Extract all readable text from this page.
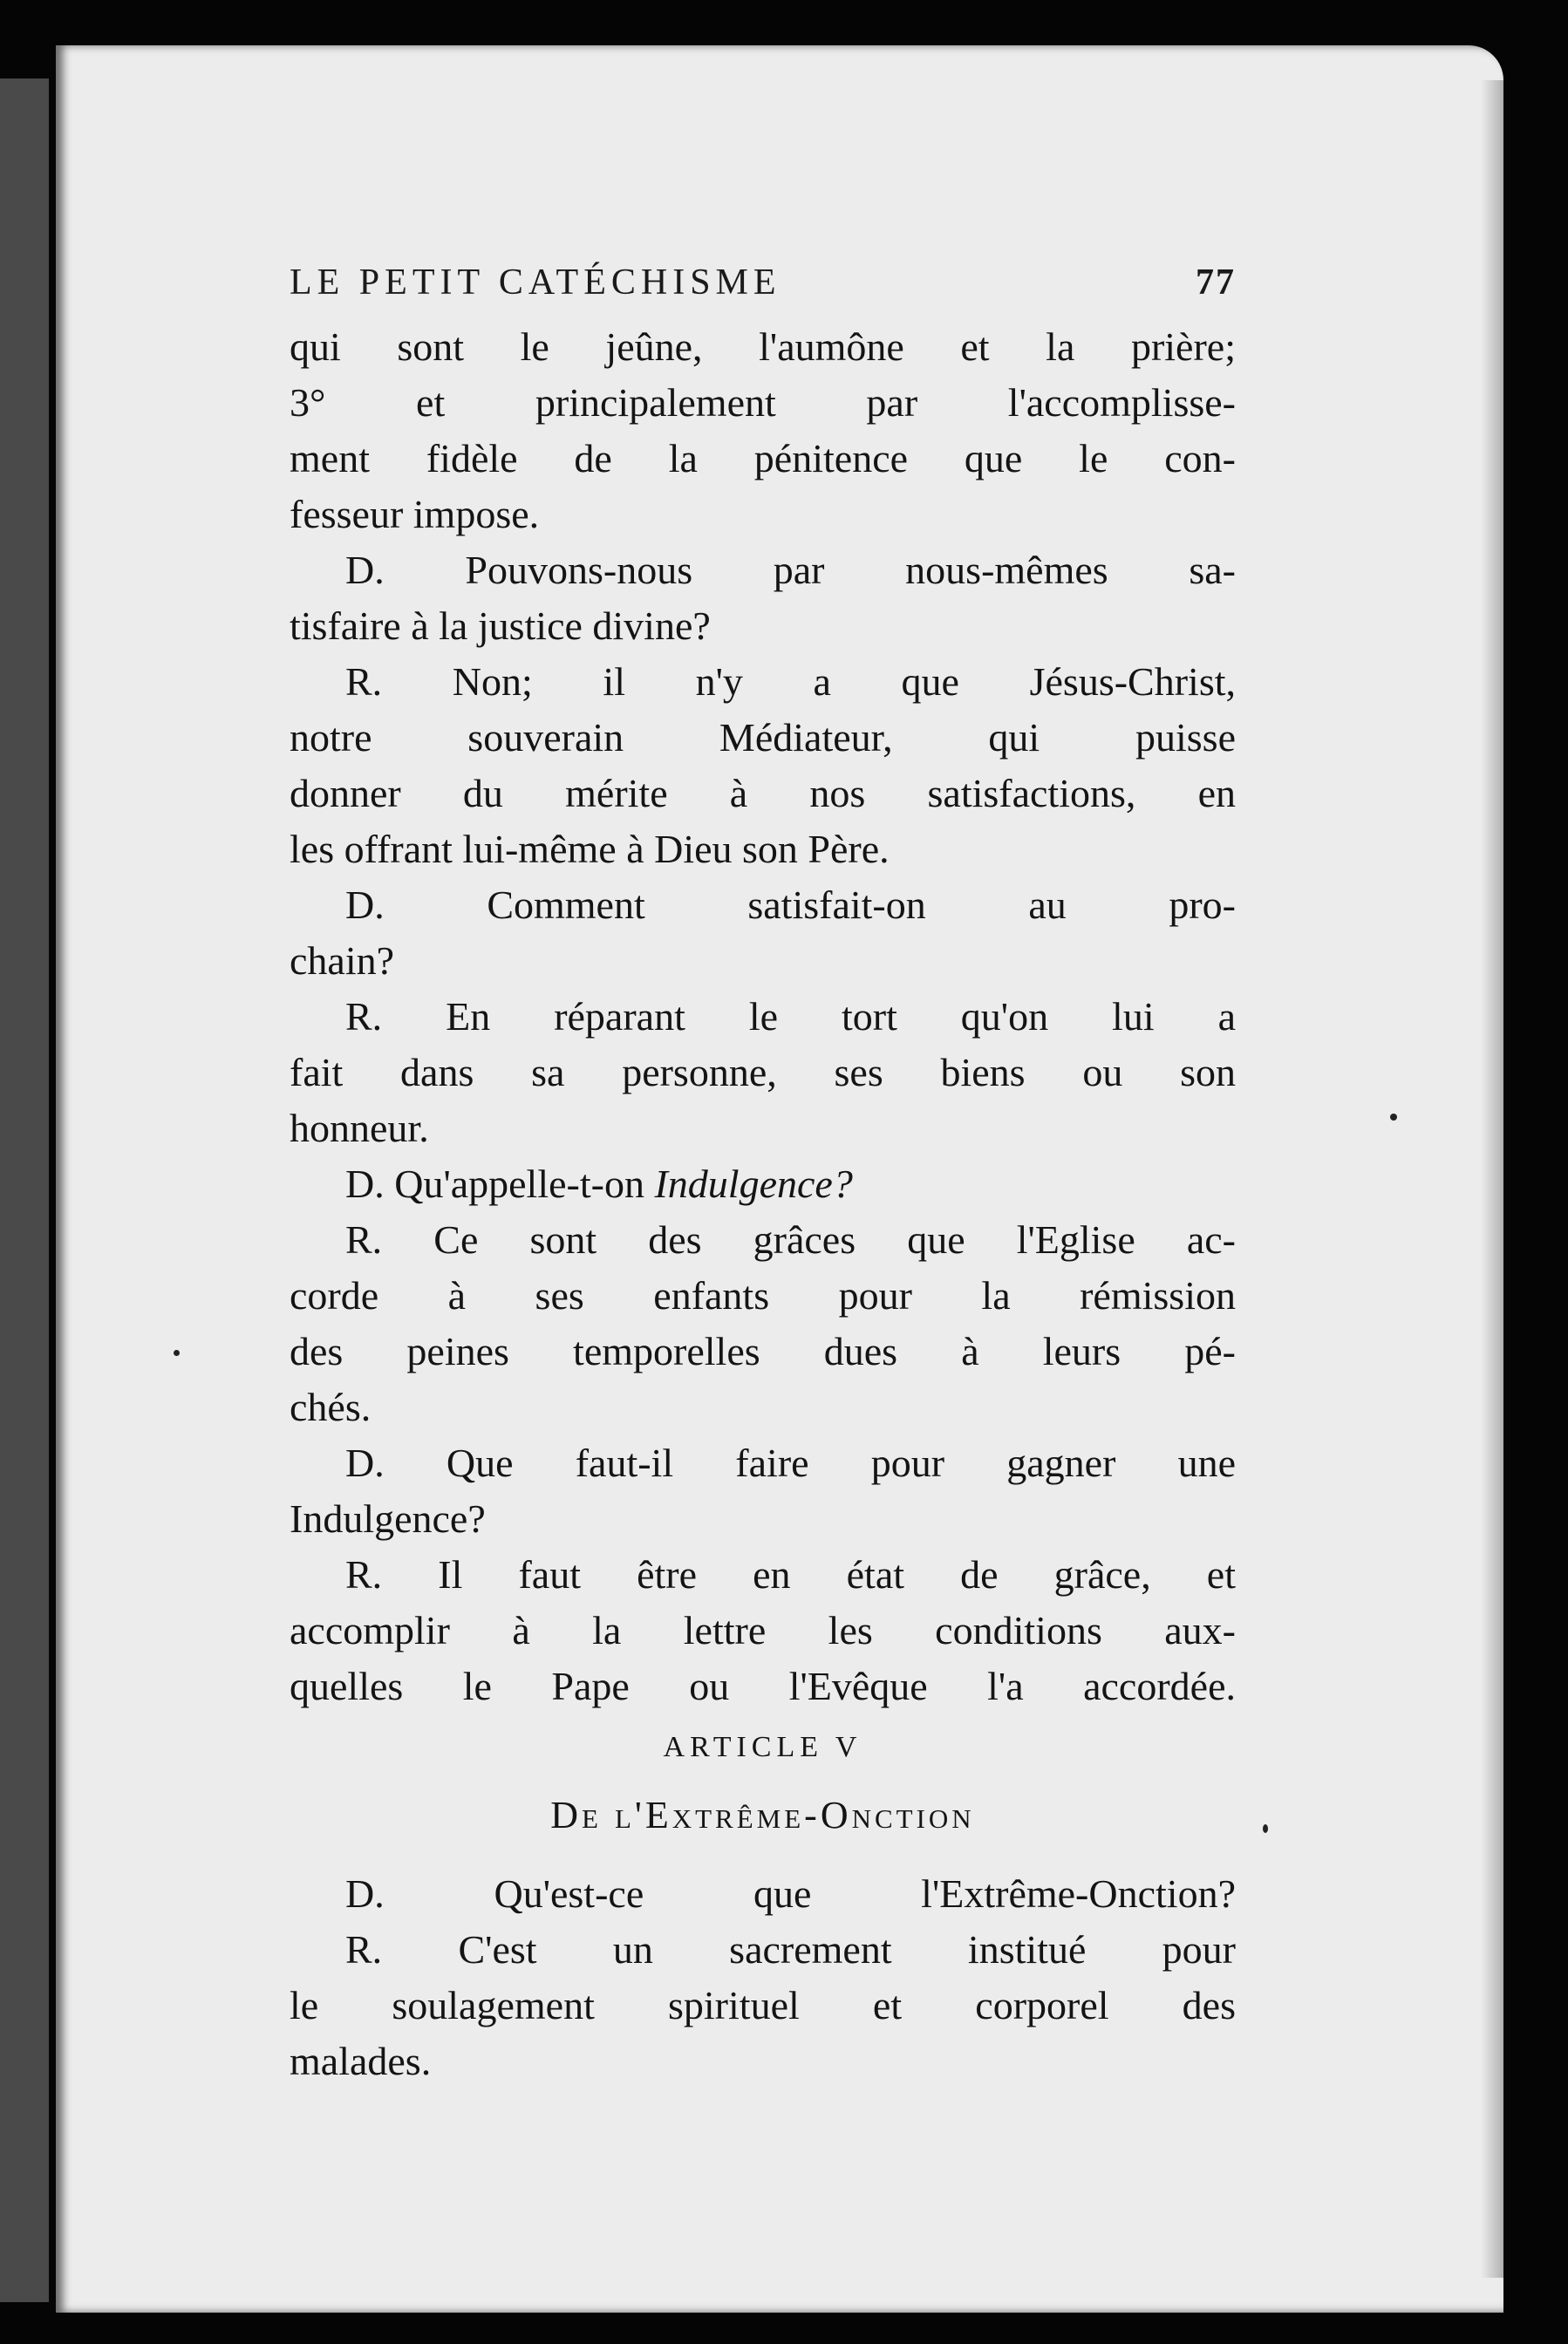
LE PETIT CATÉCHISME	77
qui sont le jeûne, l'aumône et la prière;
3° et principalement par l'accomplisse-
ment fidèle de la pénitence que le con-
fesseur impose.
D. Pouvons-nous par nous-mêmes sa-
tisfaire à la justice divine?
R. Non; il n'y a que Jésus-Christ,
notre souverain Médiateur, qui puisse
donner du mérite à nos satisfactions, en
les offrant lui-même à Dieu son Père.
D. Comment satisfait-on au pro-
chain?
R. En réparant le tort qu'on lui a
fait dans sa personne, ses biens ou son
honneur.
D. Qu'appelle-t-on Indulgence?
R. Ce sont des grâces que l'Eglise ac-
corde à ses enfants pour la rémission
des peines temporelles dues à leurs pé-
chés.
D. Que faut-il faire pour gagner une
Indulgence?
R. Il faut être en état de grâce, et
accomplir à la lettre les conditions aux-
quelles le Pape ou l'Evêque l'a accordée.
ARTICLE V
De l'Extrême-Onction
D. Qu'est-ce que l'Extrême-Onction?
R. C'est un sacrement institué pour
le soulagement spirituel et corporel des
malades.
